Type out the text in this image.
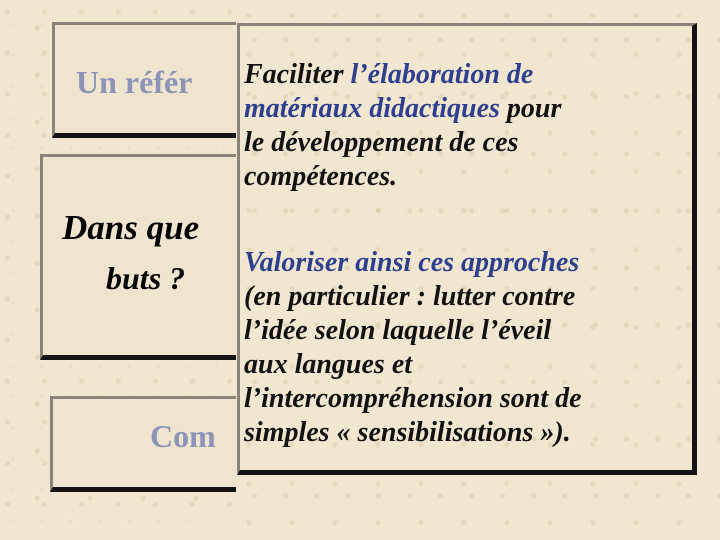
Un référ
Dans que
buts ?
Com

Faciliter l’élaboration de
matériaux didactiques pour
le développement de ces
compétences.

Valoriser ainsi ces approches
(en particulier : lutter contre
l’idée selon laquelle l’éveil
aux langues et
l’intercompréhension sont de
simples « sensibilisations »).
